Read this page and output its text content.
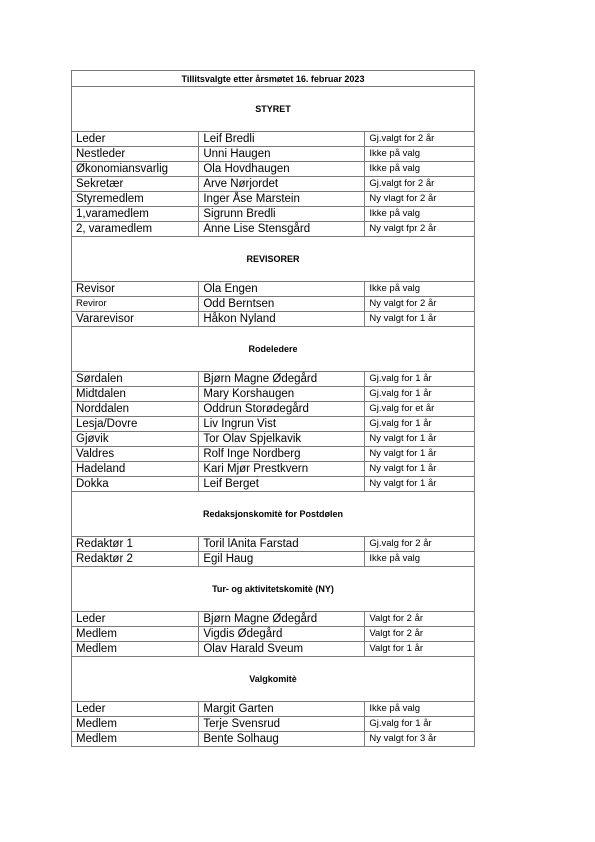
Tillitsvalgte etter årsmøtet 16. februar 2023		
STYRET		
Leder	Leif Bredli	Gj.valgt for 2 år
Nestleder	Unni Haugen	Ikke på valg
Økonomiansvarlig	Ola Hovdhaugen	Ikke på valg
Sekretær	Arve Nørjordet	Gj.valgt for 2 år
Styremedlem	Inger Åse Marstein	Ny vlagt for 2 år
1,varamedlem	Sigrunn Bredli	Ikke på valg
2, varamedlem	Anne Lise Stensgård	Ny valgt fpr 2 år
REVISORER		
Revisor	Ola Engen	Ikke på valg
Reviror	Odd Berntsen	Ny valgt for 2 år
Vararevisor	Håkon Nyland	Ny valgt for 1 år
Rodeledere		
Sørdalen	Bjørn Magne Ødegård	Gj.valg for 1 år
Midtdalen	Mary Korshaugen	Gj.valg for 1 år
Norddalen	Oddrun Storødegård	Gj.valg for et år
Lesja/Dovre	Liv Ingrun Vist	Gj.valg for 1 år
Gjøvik	Tor Olav Spjelkavik	Ny valgt for 1 år
Valdres	Rolf Inge Nordberg	Ny valgt for 1 år
Hadeland	Kari Mjør Prestkvern	Ny valgt for 1 år
Dokka	Leif Berget	Ny valgt for 1 år
Redaksjonskomitè for Postdølen		
Redaktør 1	Toril lAnita Farstad	Gj.valg for 2 år
Redaktør 2	Egil Haug	Ikke på valg
Tur- og aktivitetskomitè (NY)		
Leder	Bjørn Magne Ødegård	Valgt for 2 år
Medlem	Vigdis Ødegård	Valgt for 2 år
Medlem	Olav Harald Sveum	Valgt for 1 år
Valgkomitè		
Leder	Margit Garten	Ikke på valg
Medlem	Terje Svensrud	Gj.valg for 1 år
Medlem	Bente Solhaug	Ny valgt for 3 år
